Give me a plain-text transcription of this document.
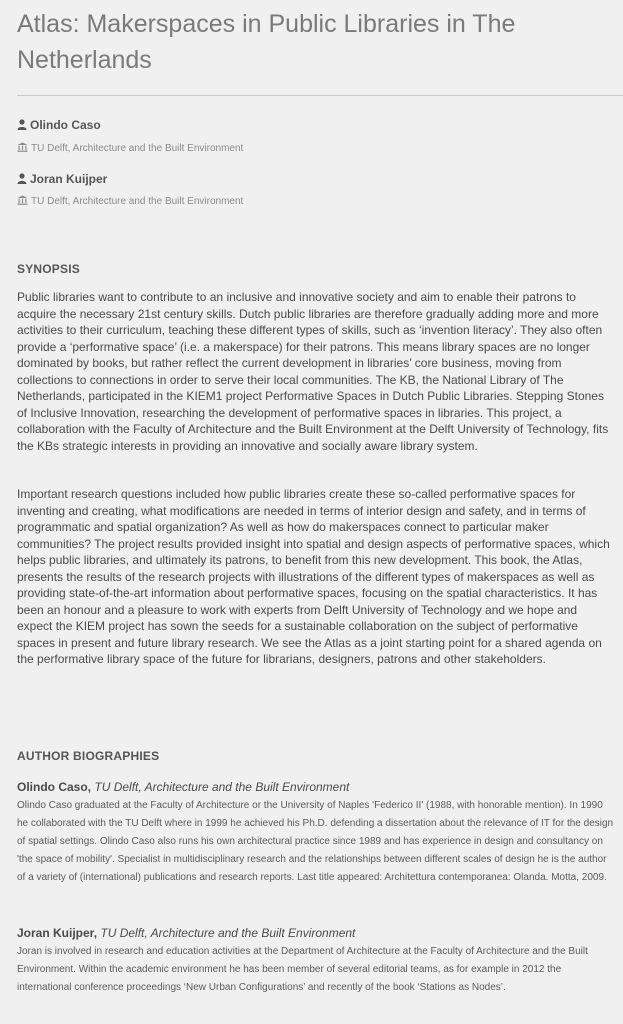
Atlas: Makerspaces in Public Libraries in The Netherlands
Olindo Caso
TU Delft, Architecture and the Built Environment
Joran Kuijper
TU Delft, Architecture and the Built Environment
SYNOPSIS

Public libraries want to contribute to an inclusive and innovative society and aim to enable their patrons to acquire the necessary 21st century skills. Dutch public libraries are therefore gradually adding more and more activities to their curriculum, teaching these different types of skills, such as ‘invention literacy’. They also often provide a ‘performative space’ (i.e. a makerspace) for their patrons. This means library spaces are no longer dominated by books, but rather reflect the current development in libraries’ core business, moving from collections to connections in order to serve their local communities. The KB, the National Library of The Netherlands, participated in the KIEM1 project Performative Spaces in Dutch Public Libraries. Stepping Stones of Inclusive Innovation, researching the development of performative spaces in libraries. This project, a collaboration with the Faculty of Architecture and the Built Environment at the Delft University of Technology, fits the KBs strategic interests in providing an innovative and socially aware library system.

Important research questions included how public libraries create these so-called performative spaces for inventing and creating, what modifications are needed in terms of interior design and safety, and in terms of programmatic and spatial organization? As well as how do makerspaces connect to particular maker communities? The project results provided insight into spatial and design aspects of performative spaces, which helps public libraries, and ultimately its patrons, to benefit from this new development. This book, the Atlas, presents the results of the research projects with illustrations of the different types of makerspaces as well as providing state-of-the-art information about performative spaces, focusing on the spatial characteristics. It has been an honour and a pleasure to work with experts from Delft University of Technology and we hope and expect the KIEM project has sown the seeds for a sustainable collaboration on the subject of performative spaces in present and future library research. We see the Atlas as a joint starting point for a shared agenda on the performative library space of the future for librarians, designers, patrons and other stakeholders.

AUTHOR BIOGRAPHIES

Olindo Caso, TU Delft, Architecture and the Built Environment

Olindo Caso graduated at the Faculty of Architecture or the University of Naples 'Federico II' (1988, with honorable mention). In 1990 he collaborated with the TU Delft where in 1999 he achieved his Ph.D. defending a dissertation about the relevance of IT for the design of spatial settings. Olindo Caso also runs his own architectural practice since 1989 and has experience in design and consultancy on 'the space of mobility'. Specialist in multidisciplinary research and the relationships between different scales of design he is the author of a variety of (international) publications and research reports. Last title appeared: Architettura contemporanea: Olanda. Motta, 2009.

Joran Kuijper, TU Delft, Architecture and the Built Environment

Joran is involved in research and education activities at the Department of Architecture at the Faculty of Architecture and the Built Environment. Within the academic environment he has been member of several editorial teams, as for example in 2012 the international conference proceedings ‘New Urban Configurations’ and recently of the book ‘Stations as Nodes’.
